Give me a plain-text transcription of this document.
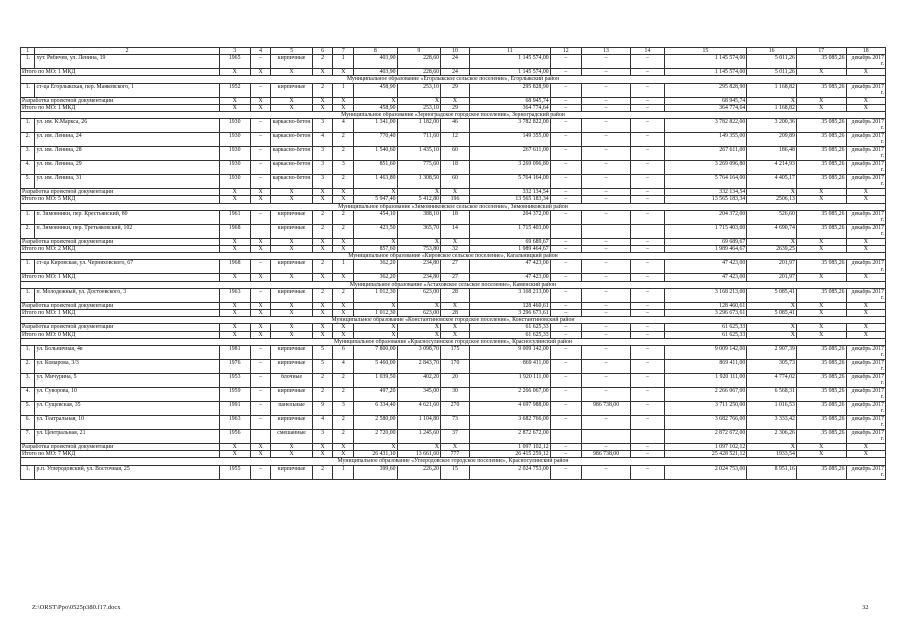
1	2	3	4	5	6	7	8	9	10	11	12	13	14	15	16	17	18
1.	хут. Рябичев, ул. Ленина, 19	1965	–	кирпичные	2	1	403,90	228,60	24	1 145 574,00	–	–	–	1 145 574,00	5 011,26	35 085,26	декабрь 2017 г.
Итого по МО: 1 МКД		X	X	X	X	X	403,90	228,60	24	1 145 574,00	–	–	–	1 145 574,00	5 011,26	X	X
Муниципальное образование «Егорлыкское сельское поселение», Егорлыкский район																	
1.	ст-ца Егорлыкская, пер. Маяковского, 1	1952	–	кирпичные	2	1	458,90	253,10	29	295 828,90	–	–	–	295 828,90	1 168,82	35 085,26	декабрь 2017 г.
Разработка проектной документации		X	X	X	X	X	X	X	X	68 945,74	–	–	–	68 945,74	X	X	X
Итого по МО: 1 МКД		X	X	X	X	X	458,90	253,10	29	364 774,64	–	–	–	364 774,64	1 168,82	X	X
Муниципальное образование «Зерноградское городское поселение», Зерноградский район																	
1.	ул. им. К.Маркса, 26	1930	–	каркасно-бетон	3	4	1 341,00	1 182,00	46	3 782 822,00	–	–	–	3 782 822,00	3 200,36	35 085,26	декабрь 2017 г.
2.	ул. им. Ленина, 24	1930	–	каркасно-бетон	4	2	770,40	711,60	12	149 355,00	–	–	–	149 355,00	209,89	35 085,26	декабрь 2017 г.
3.	ул. им. Ленина, 28	1930	–	каркасно-бетон	3	2	1 540,60	1 435,10	60	267 611,00	–	–	–	267 611,00	186,48	35 085,26	декабрь 2017 г.
4.	ул. им. Ленина, 29	1930	–	каркасно-бетон	3	3	851,60	775,60	18	3 269 096,80	–	–	–	3 269 096,80	4 214,93	35 085,26	декабрь 2017 г.
5.	ул. им. Ленина, 31	1930	–	каркасно-бетон	3	2	1 463,80	1 308,50	60	5 764 164,00	–	–	–	5 764 164,00	4 405,17	35 085,26	декабрь 2017 г.
Разработка проектной документации		X	X	X	X	X	X	X	X	332 134,54	–	–	–	332 134,54	X	X	X
Итого по МО: 5 МКД		X	X	X	X	X	5 947,40	5 412,80	196	13 565 183,34	–	–	–	13 565 183,34	2506,13	X	X
Муниципальное образование «Зимовниковское сельское поселение», Зимовниковский район																	
1.	п. Зимовники, пер. Крестьянский, 80	1961	–	кирпичные	2	2	454,10	388,10	18	204 372,00	–	–	–	204 372,00	526,60	35 085,26	декабрь 2017 г.
2.	п. Зимовники, пер. Третьяковский, 102	1968		кирпичные	2	2	423,50	365,70	14	1 715 403,00				1 715 403,00	4 690,74	35 085,26	декабрь 2017 г.
Разработка проектной документации		X	X	X	X	X	X	X	X	69 689,67	–	–	–	69 689,67	X	X	X
Итого по МО: 2 МКД		X	X	X	X	X	857,60	753,80	32	1 989 464,67	–	–	–	1 989 464,67	2639,25	X	X
Муниципальное образование «Кировское сельское поселение», Кагальницкий район																	
1.	ст-ца Кировская, ул. Черняховского, 67	1968	–	кирпичные	2	1	362,20	234,80	27	47 423,00	–	–	–	47 423,00	201,97	35 085,26	декабрь 2017 г.
Итого по МО: 1 МКД		X	X	X	X	X	362,20	234,80	27	47 423,00	–	–	–	47 423,00	201,97	X	X
Муниципальное образование «Астаховское сельское поселение», Каменский район																	
1.	п. Молодежный, ул. Достоевского, 3	1963	–	кирпичные	2	2	1 012,30	623,00	28	3 168 213,00	–	–	–	3 168 213,00	5 085,41	35 085,26	декабрь 2017 г.
Разработка проектной документации		X	X	X	X	X	X	X	X	128 460,61	–	–	–	128 460,61	X	X	X
Итого по МО: 1 МКД		X	X	X	X	X	1 012,30	623,00	28	3 296 673,61	–	–	–	3 296 673,61	5 085,41	X	X
Муниципальное образование «Константиновское городское поселение», Константиновский район																	
Разработка проектной документации		X	X	X	X	X	X	X	X	61 625,33	–	–	–	61 625,33	X	X	X
Итого по МО: 0 МКД		X	X	X	X	X	X	X	X	61 625,33	–	–	–	61 625,33	X	X	X
Муниципальное образование «Красносулинское городское поселение», Красносулинский район																	
1.	ул. Больничная, 4в	1981	–	кирпичные	5	6	7 800,00	3 098,70	175	9 009 142,00	–	–	–	9 009 142,00	2 907,39	35 085,26	декабрь 2017 г.
2.	ул. Комарова, 3/3	1976	–	кирпичные	5	4	5 460,00	2 843,70	170	869 411,00	–	–	–	869 411,00	305,73	35 085,26	декабрь 2017 г.
3.	ул. Мичурина, 5	1953	–	блочные	2	2	1 039,50	402,20	20	1 920 111,00	–	–	–	1 920 111,00	4 774,02	35 085,26	декабрь 2017 г.
4.	ул. Суворова, 10	1959	–	кирпичные	2	2	497,20	345,00	30	2 266 067,00	–	–	–	2 266 067,00	6 568,31	35 085,26	декабрь 2017 г.
5.	ул. Сущевская, 35	1991	–	панельные	9	3	6 334,40	4 621,60	270	4 697 988,00	–	986 738,00	–	3 711 250,00	1 016,53	35 085,26	декабрь 2017 г.
6.	ул. Театральная, 10	1963	–	кирпичные	4	2	2 580,00	1 104,80	73	3 682 766,00	–	–	–	3 682 766,00	3 333,42	35 085,26	декабрь 2017 г.
7.	ул. Центральная, 21	1956		смешанные	3	2	2 720,00	1 245,60	37	2 872 672,00				2 872 672,00	2 306,26	35 085,26	декабрь 2017 г.
Разработка проектной документации		X	X	X	X	X	X	X	X	1 097 102,12	–	–	–	1 097 102,12	X	X	X
Итого по МО: 7 МКД		X	X	X	X	X	26 431,10	13 661,60	777	26 415 259,12	–	986 738,00	–	25 428 521,12	1933,54	X	X
Муниципальное образование «Углеродовское городское поселение», Красносулинский район																	
1.	р.п. Углеродовский, ул. Восточная, 25	1955	–	кирпичные	2	1	399,60	226,20	15	2 024 753,00	–	–	–	2 024 753,00	8 951,16	35 085,26	декабрь 2017 г.
Z:\ORST\Ppo\0525p380.f17.docx	32
